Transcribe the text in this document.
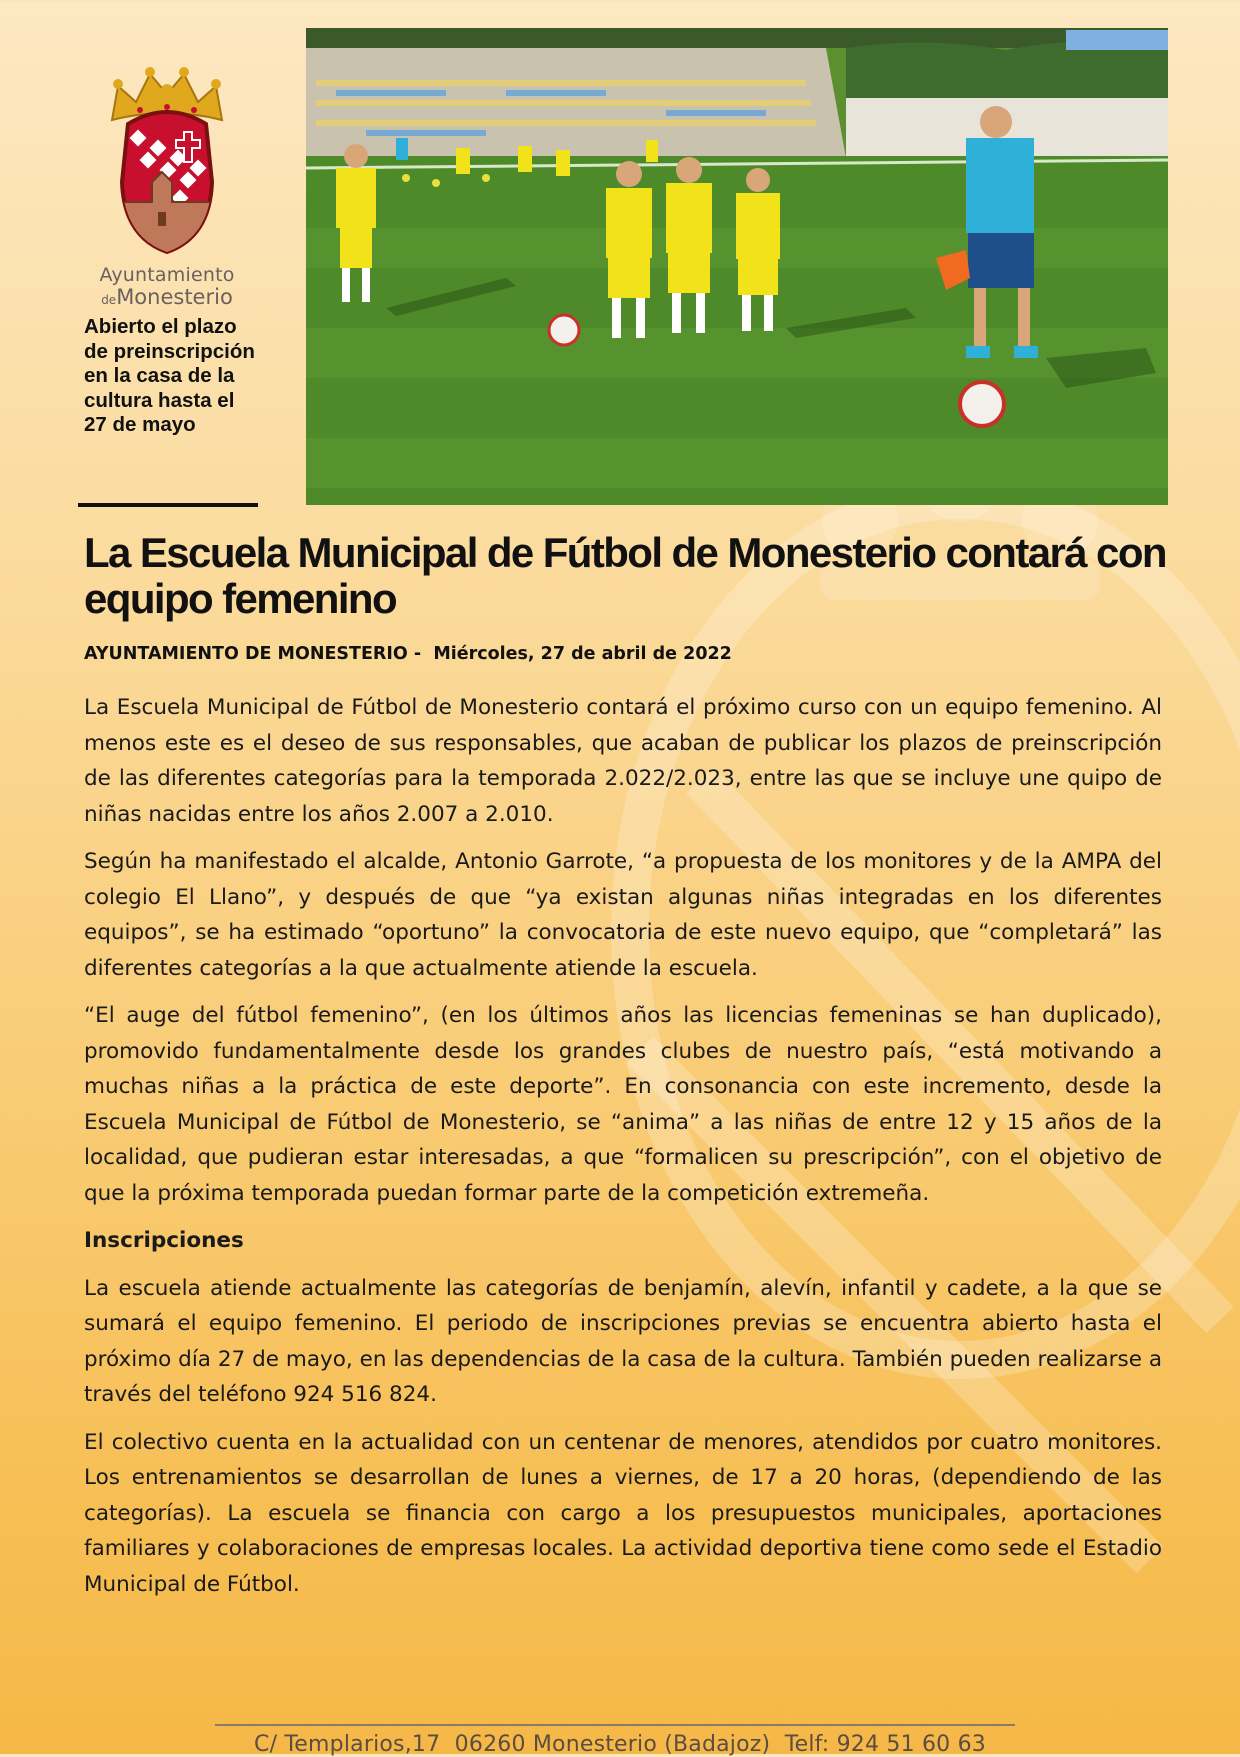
Ayuntamiento
deMonesterio
Abierto el plazo de preinscripción en la casa de la cultura hasta el 27 de mayo
La Escuela Municipal de Fútbol de Monesterio contará con equipo femenino
AYUNTAMIENTO DE MONESTERIO -  Miércoles, 27 de abril de 2022

La Escuela Municipal de Fútbol de Monesterio contará el próximo curso con un equipo femenino. Al menos este es el deseo de sus responsables, que acaban de publicar los plazos de preinscripción de las diferentes categorías para la temporada 2.022/2.023, entre las que se incluye une quipo de niñas nacidas entre los años 2.007 a 2.010.

Según ha manifestado el alcalde, Antonio Garrote, “a propuesta de los monitores y de la AMPA del colegio El Llano”, y después de que “ya existan algunas niñas integradas en los diferentes equipos”, se ha estimado “oportuno” la convocatoria de este nuevo equipo, que “completará” las diferentes categorías a la que actualmente atiende la escuela.

“El auge del fútbol femenino”, (en los últimos años las licencias femeninas se han duplicado), promovido fundamentalmente desde los grandes clubes de nuestro país, “está motivando a muchas niñas a la práctica de este deporte”. En consonancia con este incremento, desde la Escuela Municipal de Fútbol de Monesterio, se “anima” a las niñas de entre 12 y 15 años de la localidad, que pudieran estar interesadas, a que “formalicen su prescripción”, con el objetivo de que la próxima temporada puedan formar parte de la competición extremeña.

Inscripciones

La escuela atiende actualmente las categorías de benjamín, alevín, infantil y cadete, a la que se sumará el equipo femenino. El periodo de inscripciones previas se encuentra abierto hasta el próximo día 27 de mayo, en las dependencias de la casa de la cultura. También pueden realizarse a través del teléfono 924 516 824.

El colectivo cuenta en la actualidad con un centenar de menores, atendidos por cuatro monitores. Los entrenamientos se desarrollan de lunes a viernes, de 17 a 20 horas, (dependiendo de las categorías). La escuela se financia con cargo a los presupuestos municipales, aportaciones familiares y colaboraciones de empresas locales. La actividad deportiva tiene como sede el Estadio Municipal de Fútbol.

C/ Templarios,17  06260 Monesterio (Badajoz)  Telf: 924 51 60 63
